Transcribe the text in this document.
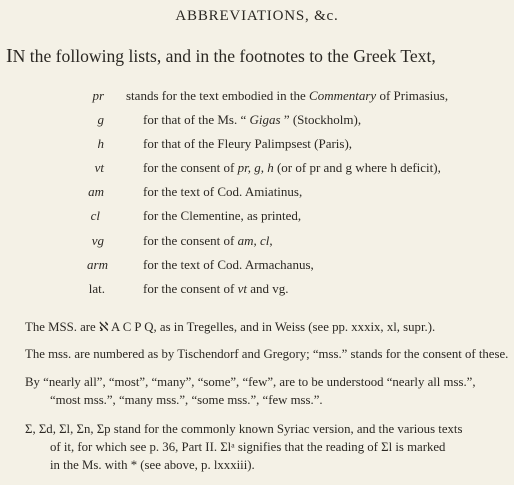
ABBREVIATIONS, &c.

IN the following lists, and in the footnotes to the Greek Text,

pr stands for the text embodied in the Commentary of Primasius,
g	for that of the Ms. “ Gigas ” (Stockholm),
h	for that of the Fleury Palimpsest (Paris),
vt	for the consent of pr, g, h (or of pr and g where h deficit),
am	for the text of Cod. Amiatinus,
cl	for the Clementine, as printed,
vg	for the consent of am, cl,
arm	for the text of Cod. Armachanus,
lat.	for the consent of vt and vg.

The MSS. are ℵ A C P Q, as in Tregelles, and in Weiss (see pp. xxxix, xl, supr.).

The mss. are numbered as by Tischendorf and Gregory; “mss.” stands for the consent of these.

By “nearly all”, “most”, “many”, “some”, “few”, are to be understood “nearly all mss.”,
“most mss.”, “many mss.”, “some mss.”, “few mss.”.

Σ, Σd, Σl, Σn, Σp stand for the commonly known Syriac version, and the various texts
of it, for which see p. 36, Part II. Σlᵃ signifies that the reading of Σl is marked
in the Ms. with * (see above, p. lxxxiii).
